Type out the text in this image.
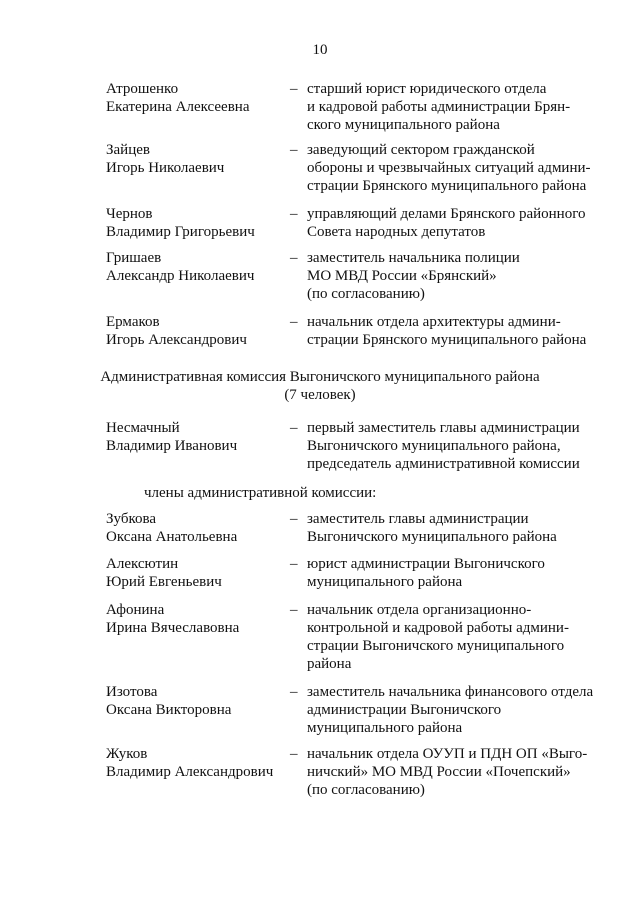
10
Атрошенко
Екатерина Алексеевна
– старший юрист юридического отдела
и кадровой работы администрации Брян-
ского муниципального района
Зайцев
Игорь Николаевич
– заведующий сектором гражданской
обороны и чрезвычайных ситуаций админи-
страции Брянского муниципального района
Чернов
Владимир Григорьевич
– управляющий делами Брянского районного
Совета народных депутатов
Гришаев
Александр Николаевич
– заместитель начальника полиции
МО МВД России «Брянский»
(по согласованию)
Ермаков
Игорь Александрович
– начальник отдела архитектуры админи-
страции Брянского муниципального района
Административная комиссия Выгоничского муниципального района
(7 человек)
Несмачный
Владимир Иванович
– первый заместитель главы администрации
Выгоничского муниципального района,
председатель административной комиссии
члены административной комиссии:
Зубкова
Оксана Анатольевна
– заместитель главы администрации
Выгоничского муниципального района
Алексютин
Юрий Евгеньевич
– юрист администрации Выгоничского
муниципального района
Афонина
Ирина Вячеславовна
– начальник отдела организационно-
контрольной и кадровой работы админи-
страции Выгоничского муниципального
района
Изотова
Оксана Викторовна
– заместитель начальника финансового отдела
администрации Выгоничского
муниципального района
Жуков
Владимир Александрович
– начальник отдела ОУУП и ПДН ОП «Выго-
ничский» МО МВД России «Почепский»
(по согласованию)
